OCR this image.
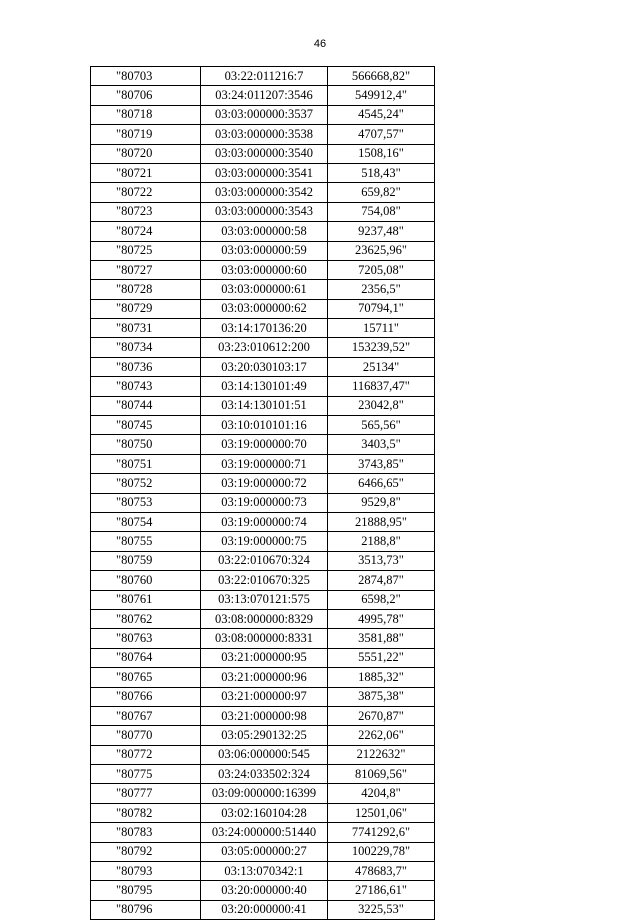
46
"80703	03:22:011216:7	566668,82"
"80706	03:24:011207:3546	549912,4"
"80718	03:03:000000:3537	4545,24"
"80719	03:03:000000:3538	4707,57"
"80720	03:03:000000:3540	1508,16"
"80721	03:03:000000:3541	518,43"
"80722	03:03:000000:3542	659,82"
"80723	03:03:000000:3543	754,08"
"80724	03:03:000000:58	9237,48"
"80725	03:03:000000:59	23625,96"
"80727	03:03:000000:60	7205,08"
"80728	03:03:000000:61	2356,5"
"80729	03:03:000000:62	70794,1"
"80731	03:14:170136:20	15711"
"80734	03:23:010612:200	153239,52"
"80736	03:20:030103:17	25134"
"80743	03:14:130101:49	116837,47"
"80744	03:14:130101:51	23042,8"
"80745	03:10:010101:16	565,56"
"80750	03:19:000000:70	3403,5"
"80751	03:19:000000:71	3743,85"
"80752	03:19:000000:72	6466,65"
"80753	03:19:000000:73	9529,8"
"80754	03:19:000000:74	21888,95"
"80755	03:19:000000:75	2188,8"
"80759	03:22:010670:324	3513,73"
"80760	03:22:010670:325	2874,87"
"80761	03:13:070121:575	6598,2"
"80762	03:08:000000:8329	4995,78"
"80763	03:08:000000:8331	3581,88"
"80764	03:21:000000:95	5551,22"
"80765	03:21:000000:96	1885,32"
"80766	03:21:000000:97	3875,38"
"80767	03:21:000000:98	2670,87"
"80770	03:05:290132:25	2262,06"
"80772	03:06:000000:545	2122632"
"80775	03:24:033502:324	81069,56"
"80777	03:09:000000:16399	4204,8"
"80782	03:02:160104:28	12501,06"
"80783	03:24:000000:51440	7741292,6"
"80792	03:05:000000:27	100229,78"
"80793	03:13:070342:1	478683,7"
"80795	03:20:000000:40	27186,61"
"80796	03:20:000000:41	3225,53"
